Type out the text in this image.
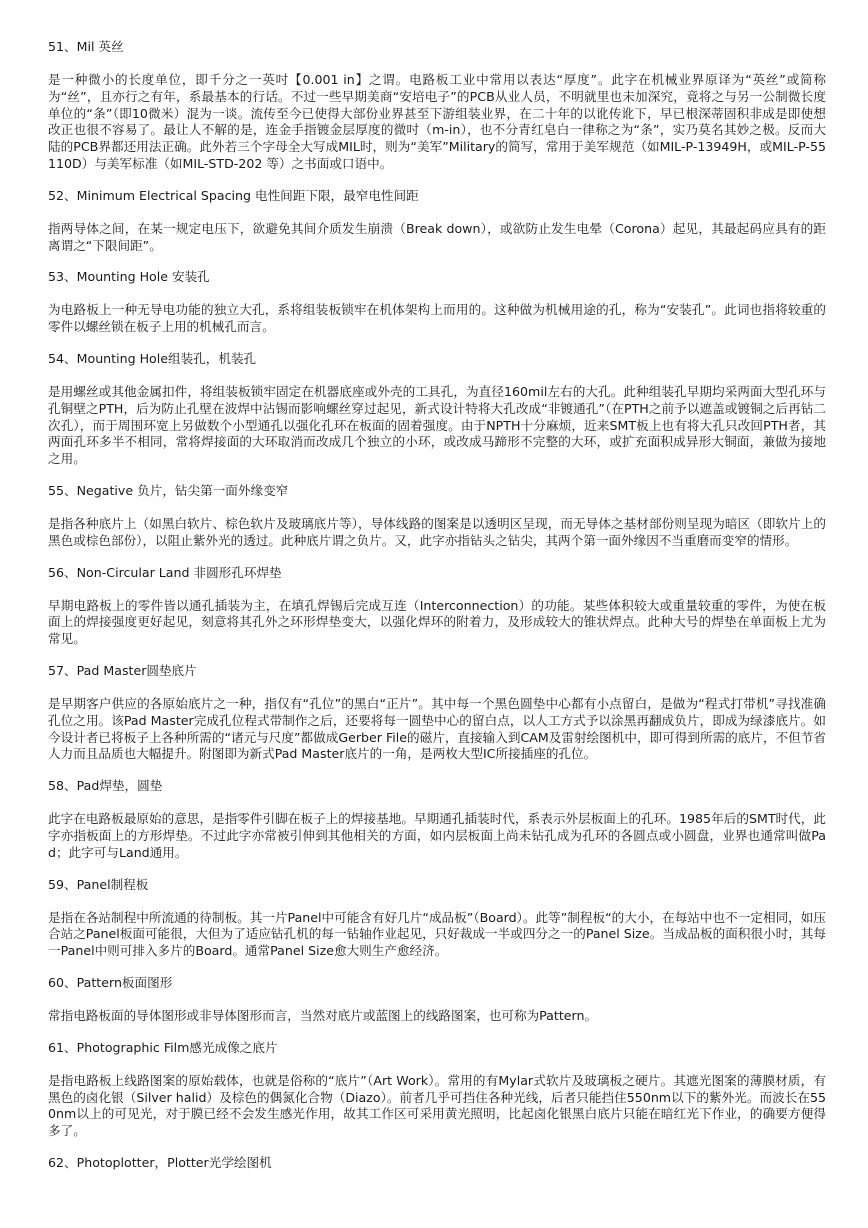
51、Mil 英丝

是一种微小的长度单位，即千分之一英吋【0.001 in】之谓。电路板工业中常用以表达“厚度”。此字在机械业界原译为“英丝”或简称为“丝”，且亦行之有年，系最基本的行话。不过一些早期美商“安培电子”的PCB从业人员，不明就里也未加深究，竟将之与另一公制微长度单位的“条”（即10微米）混为一谈。流传至今已使得大部份业界甚至下游组装业界，在二十年的以讹传讹下，早已根深蒂固积非成是即使想改正也很不容易了。最让人不解的是，连金手指镀金层厚度的微吋（m-in），也不分青红皂白一律称之为“条”，实乃莫名其妙之极。反而大陆的PCB界都还用法正确。此外若三个字母全大写成MIL时，则为“美军”Military的简写，常用于美军规范（如MIL-P-13949H，或MIL-P-55110D）与美军标准（如MIL-STD-202 等）之书面或口语中。

52、Minimum Electrical Spacing 电性间距下限，最窄电性间距

指两导体之间，在某一规定电压下，欲避免其间介质发生崩溃（Break down），或欲防止发生电晕（Corona）起见，其最起码应具有的距离谓之“下限间距”。

53、Mounting Hole 安装孔

为电路板上一种无导电功能的独立大孔，系将组装板锁牢在机体架构上而用的。这种做为机械用途的孔，称为“安装孔”。此词也指将较重的零件以螺丝锁在板子上用的机械孔而言。

54、Mounting Hole组装孔，机装孔

是用螺丝或其他金属扣件，将组装板锁牢固定在机器底座或外壳的工具孔，为直径160mil左右的大孔。此种组装孔早期均采两面大型孔环与孔铜壁之PTH，后为防止孔壁在波焊中沾锡而影响螺丝穿过起见，新式设计特将大孔改成“非镀通孔”（在PTH之前予以遮盖或镀铜之后再钻二次孔），而于周围环宽上另做数个小型通孔以强化孔环在板面的固着强度。由于NPTH十分麻烦，近来SMT板上也有将大孔只改回PTH者，其两面孔环多半不相同，常将焊接面的大环取消而改成几个独立的小环，或改成马蹄形不完整的大环，或扩充面积成异形大铜面，兼做为接地之用。

55、Negative 负片，钻尖第一面外缘变窄

是指各种底片上（如黑白软片、棕色软片及玻璃底片等），导体线路的图案是以透明区呈现，而无导体之基材部份则呈现为暗区（即软片上的黑色或棕色部份），以阻止紫外光的透过。此种底片谓之负片。又，此字亦指钻头之钻尖，其两个第一面外缘因不当重磨而变窄的情形。

56、Non-Circular Land 非圆形孔环焊垫

早期电路板上的零件皆以通孔插装为主，在填孔焊锡后完成互连（Interconnection）的功能。某些体积较大或重量较重的零件，为使在板面上的焊接强度更好起见，刻意将其孔外之环形焊垫变大，以强化焊环的附着力，及形成较大的锥状焊点。此种大号的焊垫在单面板上尤为常见。

57、Pad Master圆垫底片

是早期客户供应的各原始底片之一种，指仅有“孔位”的黑白“正片”。其中每一个黑色圆垫中心都有小点留白，是做为“程式打带机”寻找准确孔位之用。该Pad Master完成孔位程式带制作之后，还要将每一圆垫中心的留白点，以人工方式予以涂黑再翻成负片，即成为绿漆底片。如今设计者已将板子上各种所需的“诸元与尺度”都做成Gerber File的磁片，直接输入到CAM及雷射绘图机中，即可得到所需的底片，不但节省人力而且品质也大幅提升。附图即为新式Pad Master底片的一角，是两枚大型IC所接插座的孔位。

58、Pad焊垫，圆垫

此字在电路板最原始的意思，是指零件引脚在板子上的焊接基地。早期通孔插装时代，系表示外层板面上的孔环。1985年后的SMT时代，此字亦指板面上的方形焊垫。不过此字亦常被引伸到其他相关的方面，如内层板面上尚未钻孔成为孔环的各圆点或小圆盘，业界也通常叫做Pad；此字可与Land通用。

59、Panel制程板

是指在各站制程中所流通的待制板。其一片Panel中可能含有好几片“成品板”（Board）。此等”制程板“的大小，在每站中也不一定相同，如压合站之Panel板面可能很，大但为了适应钻孔机的每一钻轴作业起见，只好裁成一半或四分之一的Panel Size。当成品板的面积很小时，其每一Panel中则可排入多片的Board。通常Panel Size愈大则生产愈经济。

60、Pattern板面图形

常指电路板面的导体图形或非导体图形而言，当然对底片或蓝图上的线路图案，也可称为Pattern。

61、Photographic Film感光成像之底片

是指电路板上线路图案的原始载体，也就是俗称的“底片”（Art Work）。常用的有Mylar式软片及玻璃板之硬片。其遮光图案的薄膜材质，有黑色的卤化银（Silver halid）及棕色的偶氮化合物（Diazo）。前者几乎可挡住各种光线，后者只能挡住550nm以下的紫外光。而波长在550nm以上的可见光，对于膜已经不会发生感光作用，故其工作区可采用黄光照明，比起卤化银黑白底片只能在暗红光下作业，的确要方便得多了。

62、Photoplotter，Plotter光学绘图机
